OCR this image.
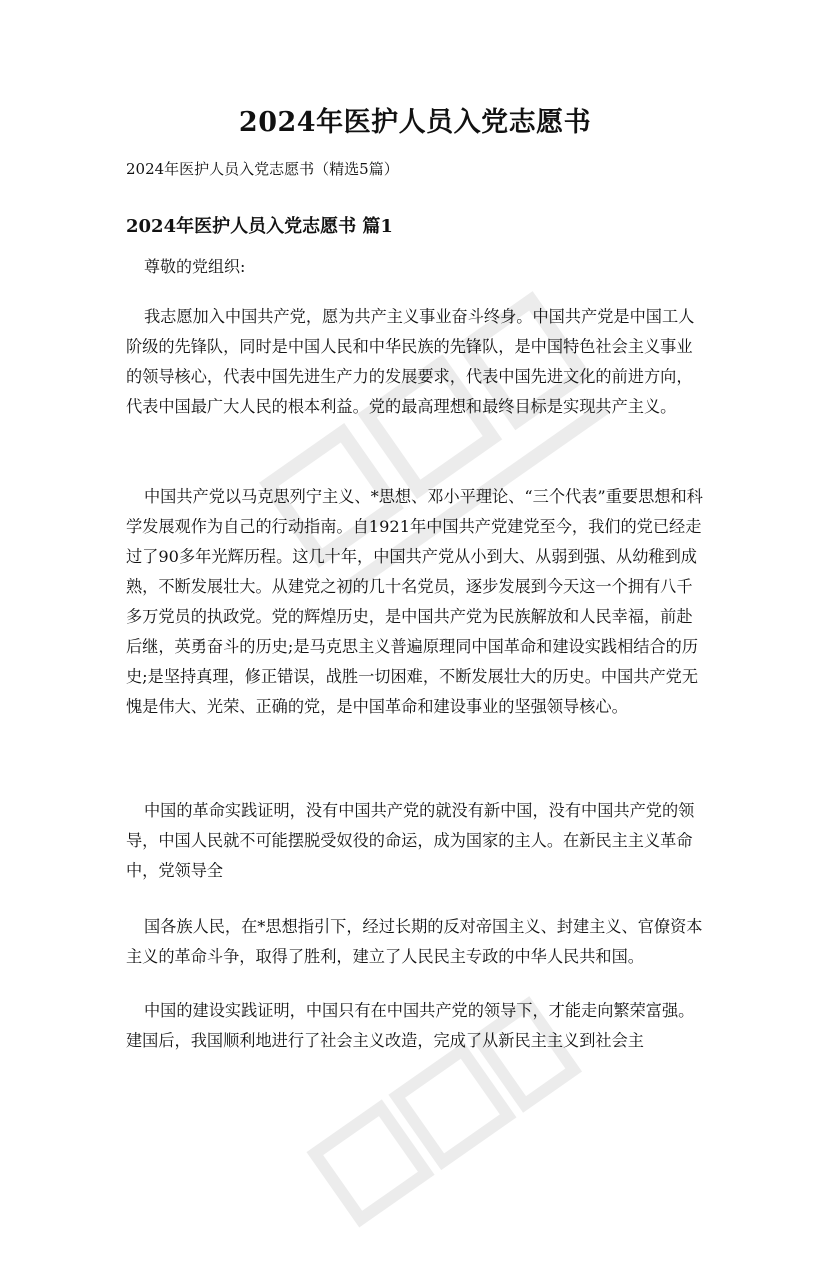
2024年医护人员入党志愿书
2024年医护人员入党志愿书（精选5篇）
2024年医护人员入党志愿书 篇1
尊敬的党组织:

我志愿加入中国共产党，愿为共产主义事业奋斗终身。中国共产党是中国工人阶级的先锋队，同时是中国人民和中华民族的先锋队，是中国特色社会主义事业的领导核心，代表中国先进生产力的发展要求，代表中国先进文化的前进方向，代表中国最广大人民的根本利益。党的最高理想和最终目标是实现共产主义。

中国共产党以马克思列宁主义、*思想、邓小平理论、“三个代表”重要思想和科学发展观作为自己的行动指南。自1921年中国共产党建党至今，我们的党已经走过了90多年光辉历程。这几十年，中国共产党从小到大、从弱到强、从幼稚到成熟，不断发展壮大。从建党之初的几十名党员，逐步发展到今天这一个拥有八千多万党员的执政党。党的辉煌历史，是中国共产党为民族解放和人民幸福，前赴后继，英勇奋斗的历史;是马克思主义普遍原理同中国革命和建设实践相结合的历史;是坚持真理，修正错误，战胜一切困难，不断发展壮大的历史。中国共产党无愧是伟大、光荣、正确的党，是中国革命和建设事业的坚强领导核心。

中国的革命实践证明，没有中国共产党的就没有新中国，没有中国共产党的领导，中国人民就不可能摆脱受奴役的命运，成为国家的主人。在新民主主义革命中，党领导全

国各族人民，在*思想指引下，经过长期的反对帝国主义、封建主义、官僚资本主义的革命斗争，取得了胜利，建立了人民民主专政的中华人民共和国。

中国的建设实践证明，中国只有在中国共产党的领导下，才能走向繁荣富强。建国后，我国顺利地进行了社会主义改造，完成了从新民主主义到社会主
